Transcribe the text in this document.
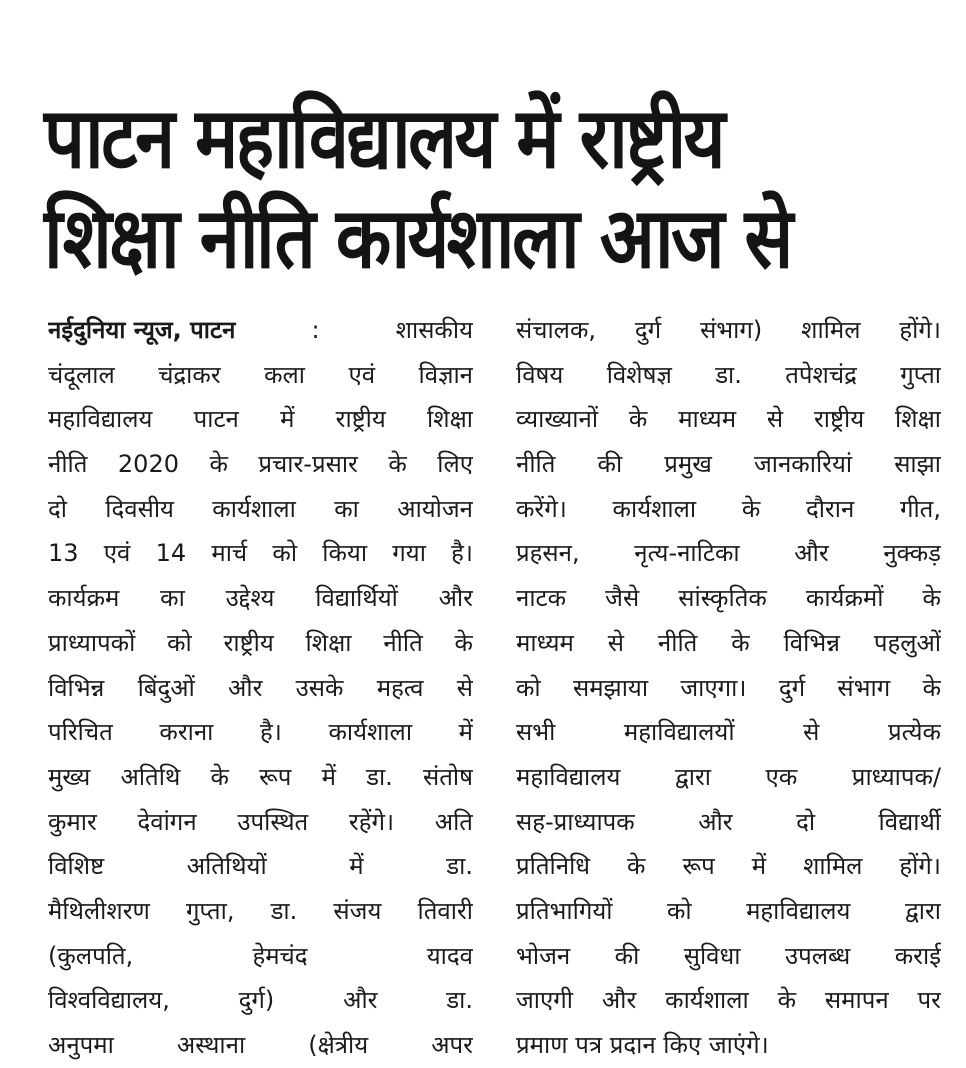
पाटन महाविद्यालय में राष्ट्रीय
शिक्षा नीति कार्यशाला आज से
नईदुनिया न्यूज, पाटन	:	शासकीय
चंदूलाल चंद्राकर कला एवं विज्ञान
महाविद्यालय पाटन में राष्ट्रीय शिक्षा
नीति 2020 के प्रचार-प्रसार के लिए
दो दिवसीय कार्यशाला का आयोजन
13 एवं 14 मार्च को किया गया है।
कार्यक्रम का उद्देश्य विद्यार्थियों और
प्राध्यापकों को राष्ट्रीय शिक्षा नीति के
विभिन्न बिंदुओं और उसके महत्व से
परिचित कराना है। कार्यशाला में
मुख्य अतिथि के रूप में डा. संतोष
कुमार देवांगन उपस्थित रहेंगे। अति
विशिष्ट अतिथियों में डा.
मैथिलीशरण गुप्ता, डा. संजय तिवारी
(कुलपति, हेमचंद यादव
विश्वविद्यालय, दुर्ग) और डा.
अनुपमा अस्थाना (क्षेत्रीय अपर
संचालक, दुर्ग संभाग) शामिल होंगे।
विषय विशेषज्ञ डा. तपेशचंद्र गुप्ता
व्याख्यानों के माध्यम से राष्ट्रीय शिक्षा
नीति की प्रमुख जानकारियां साझा
करेंगे। कार्यशाला के दौरान गीत,
प्रहसन, नृत्य-नाटिका और नुक्कड़
नाटक जैसे सांस्कृतिक कार्यक्रमों के
माध्यम से नीति के विभिन्न पहलुओं
को समझाया जाएगा। दुर्ग संभाग के
सभी महाविद्यालयों से प्रत्येक
महाविद्यालय द्वारा एक प्राध्यापक/
सह-प्राध्यापक और दो विद्यार्थी
प्रतिनिधि के रूप में शामिल होंगे।
प्रतिभागियों को महाविद्यालय द्वारा
भोजन की सुविधा उपलब्ध कराई
जाएगी और कार्यशाला के समापन पर
प्रमाण पत्र प्रदान किए जाएंगे।
